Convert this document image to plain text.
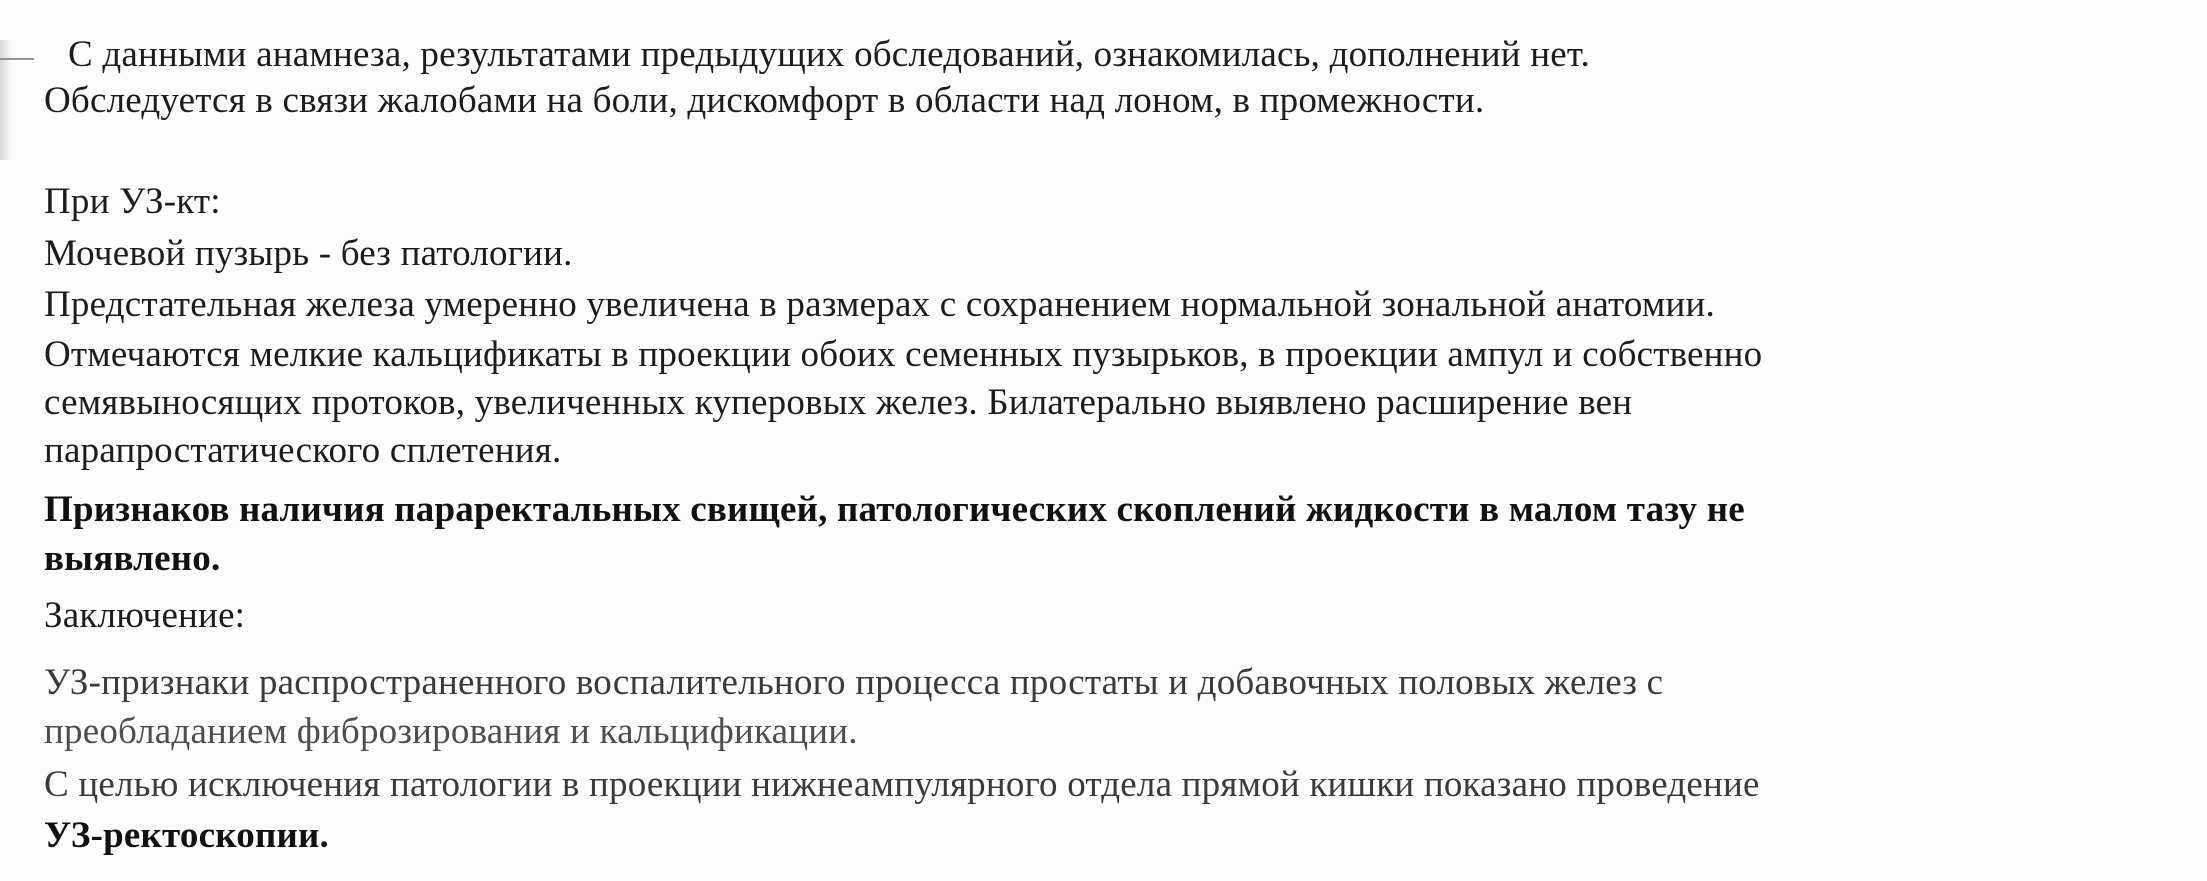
С данными анамнеза, результатами предыдущих обследований, ознакомилась, дополнений нет.
Обследуется в связи жалобами на боли, дискомфорт в области над лоном, в промежности.
При УЗ-кт:
Мочевой пузырь - без патологии.
Предстательная железа умеренно увеличена в размерах с сохранением нормальной зональной анатомии.
Отмечаются мелкие кальцификаты в проекции обоих семенных пузырьков, в проекции ампул и собственно
семявыносящих протоков, увеличенных куперовых желез. Билатерально выявлено расширение вен
парапростатического сплетения.
Признаков наличия параректальных свищей, патологических скоплений жидкости в малом тазу не
выявлено.
Заключение:
УЗ-признаки распространенного воспалительного процесса простаты и добавочных половых желез с
преобладанием фиброзирования и кальцификации.
С целью исключения патологии в проекции нижнеампулярного отдела прямой кишки показано проведение
УЗ-ректоскопии.
